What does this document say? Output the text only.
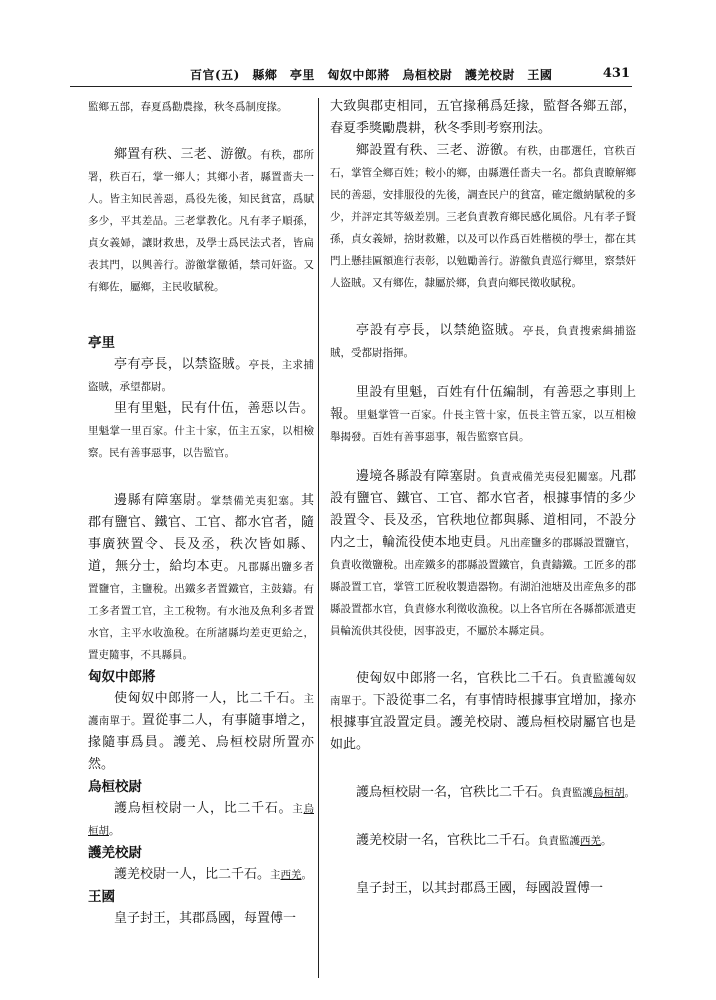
百官(五)　縣鄉　亭里　匈奴中郎將　烏桓校尉　護羌校尉　王國	431

監鄉五部，春夏爲勸農掾，秋冬爲制度掾。

鄉置有秩、三老、游徼。有秩，郡所署，秩百石，掌一鄉人；其鄉小者，縣置嗇夫一人。皆主知民善惡，爲役先後，知民貧富，爲賦多少，平其差品。三老掌教化。凡有孝子順孫，貞女義婦，讓財救患，及學士爲民法式者，皆扁表其門，以興善行。游徼掌徼循，禁司奸盜。又有鄉佐，屬鄉，主民收賦稅。

亭里

亭有亭長，以禁盜賊。亭長，主求捕盜賊，承望都尉。

里有里魁，民有什伍，善惡以告。里魁掌一里百家。什主十家，伍主五家，以相檢察。民有善事惡事，以告監官。

邊縣有障塞尉。掌禁備羌夷犯塞。其郡有鹽官、鐵官、工官、都水官者，隨事廣狹置令、長及丞，秩次皆如縣、道，無分士，給均本吏。凡郡縣出鹽多者置鹽官，主鹽稅。出鐵多者置鐵官，主鼓鑄。有工多者置工官，主工稅物。有水池及魚利多者置水官，主平水收漁稅。在所諸縣均差吏更給之，置吏隨事，不具縣員。

匈奴中郎將

使匈奴中郎將一人，比二千石。主護南單于。置從事二人，有事隨事增之，掾隨事爲員。護羌、烏桓校尉所置亦然。

烏桓校尉

護烏桓校尉一人，比二千石。主烏桓胡。

護羌校尉

護羌校尉一人，比二千石。主西羌。

王國

皇子封王，其郡爲國，每置傅一

大致與郡吏相同，五官掾稱爲廷掾，監督各鄉五部，春夏季獎勵農耕，秋冬季則考察刑法。

鄉設置有秩、三老、游徼。有秩，由郡選任，官秩百石，掌管全鄉百姓；較小的鄉，由縣選任嗇夫一名。都負責瞭解鄉民的善惡，安排服役的先後，調查民户的貧富，確定繳納賦稅的多少，并評定其等級差別。三老負責教育鄉民感化風俗。凡有孝子賢孫，貞女義婦，捨財救難，以及可以作爲百姓楷模的學士，都在其門上懸挂匾額進行表彰，以勉勵善行。游徼負責巡行鄉里，察禁奸人盜賊。又有鄉佐，隸屬於鄉，負責向鄉民徵收賦稅。

亭設有亭長，以禁絶盜賊。亭長，負責搜索緝捕盜賊，受都尉指揮。

里設有里魁，百姓有什伍編制，有善惡之事則上報。里魁掌管一百家。什長主管十家，伍長主管五家，以互相檢舉揭發。百姓有善事惡事，報告監察官員。

邊境各縣設有障塞尉。負責戒備羌夷侵犯關塞。凡郡設有鹽官、鐵官、工官、都水官者，根據事情的多少設置令、長及丞，官秩地位都與縣、道相同，不設分内之士，輪流役使本地吏員。凡出産鹽多的郡縣設置鹽官，負責收徵鹽稅。出産鐵多的郡縣設置鐵官，負責鑄鐵。工匠多的郡縣設置工官，掌管工匠稅收製造器物。有湖泊池塘及出産魚多的郡縣設置都水官，負責修水利徵收漁稅。以上各官所在各縣都派遣吏員輪流供其役使，因事設吏，不屬於本縣定員。

使匈奴中郎將一名，官秩比二千石。負責監護匈奴南單于。下設從事二名，有事情時根據事宜增加，掾亦根據事宜設置定員。護羌校尉、護烏桓校尉屬官也是如此。

護烏桓校尉一名，官秩比二千石。負責監護烏桓胡。

護羌校尉一名，官秩比二千石。負責監護西羌。

皇子封王，以其封郡爲王國，每國設置傅一
